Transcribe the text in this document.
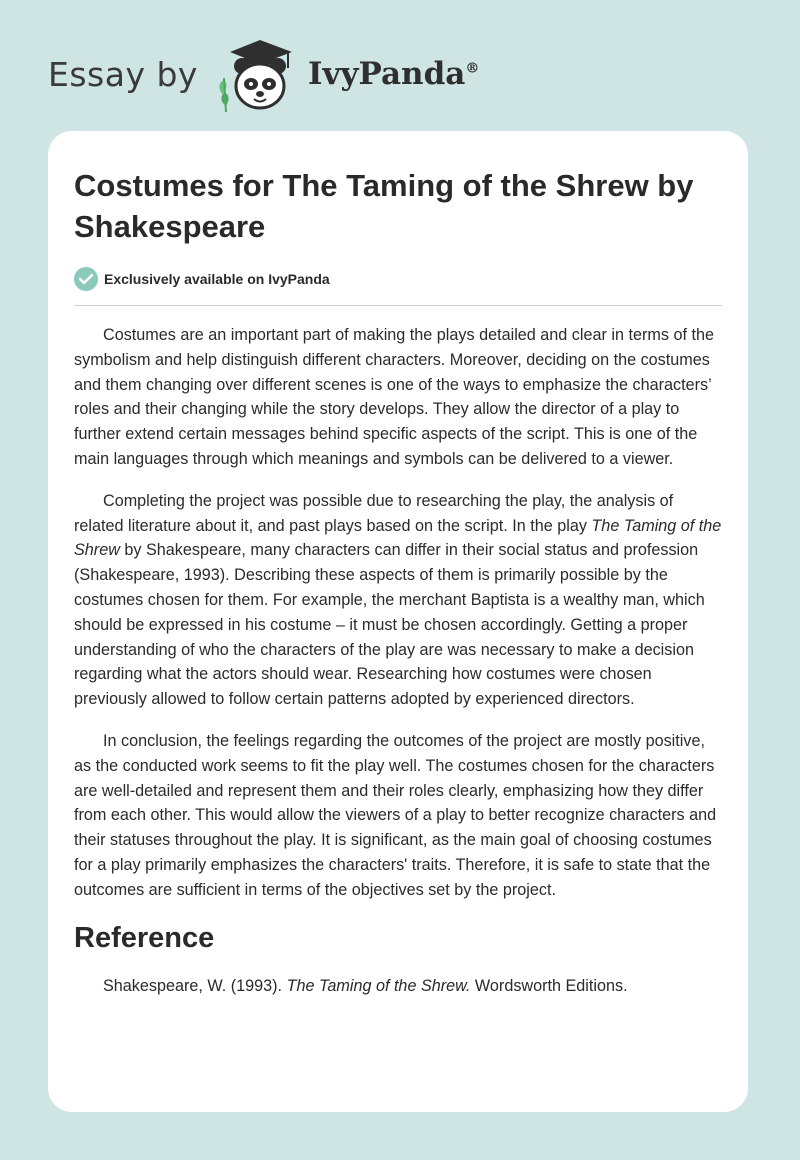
Essay by	IvyPanda®
Costumes for The Taming of the Shrew by Shakespeare
Exclusively available on IvyPanda

Costumes are an important part of making the plays detailed and clear in terms of the symbolism and help distinguish different characters. Moreover, deciding on the costumes and them changing over different scenes is one of the ways to emphasize the characters’ roles and their changing while the story develops. They allow the director of a play to further extend certain messages behind specific aspects of the script. This is one of the main languages through which meanings and symbols can be delivered to a viewer.

Completing the project was possible due to researching the play, the analysis of related literature about it, and past plays based on the script. In the play The Taming of the Shrew by Shakespeare, many characters can differ in their social status and profession (Shakespeare, 1993). Describing these aspects of them is primarily possible by the costumes chosen for them. For example, the merchant Baptista is a wealthy man, which should be expressed in his costume – it must be chosen accordingly. Getting a proper understanding of who the characters of the play are was necessary to make a decision regarding what the actors should wear. Researching how costumes were chosen previously allowed to follow certain patterns adopted by experienced directors.

In conclusion, the feelings regarding the outcomes of the project are mostly positive, as the conducted work seems to fit the play well. The costumes chosen for the characters are well-detailed and represent them and their roles clearly, emphasizing how they differ from each other. This would allow the viewers of a play to better recognize characters and their statuses throughout the play. It is significant, as the main goal of choosing costumes for a play primarily emphasizes the characters' traits. Therefore, it is safe to state that the outcomes are sufficient in terms of the objectives set by the project.

Reference

Shakespeare, W. (1993). The Taming of the Shrew. Wordsworth Editions.
